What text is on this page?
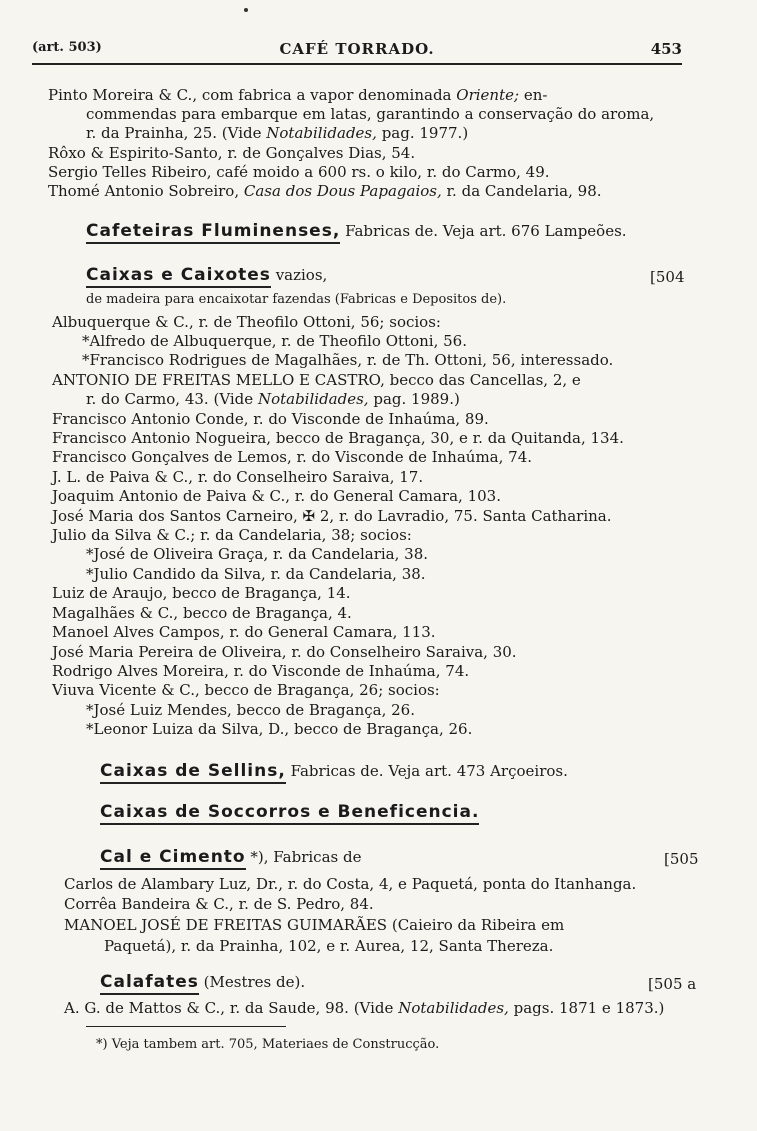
(art. 503)	CAFÉ TORRADO.	453
Pinto Moreira & C., com fabrica a vapor denominada Oriente; en-
commendas para embarque em latas, garantindo a conservação do aroma,
r. da Prainha, 25. (Vide Notabilidades, pag. 1977.)
Rôxo & Espirito-Santo, r. de Gonçalves Dias, 54.
Sergio Telles Ribeiro, café moido a 600 rs. o kilo, r. do Carmo, 49.
Thomé Antonio Sobreiro, Casa dos Dous Papagaios, r. da Candelaria, 98.
Cafeteiras Fluminenses, Fabricas de. Veja art. 676 Lampeões.
Caixas e Caixotes vazios,	[504
de madeira para encaixotar fazendas (Fabricas e Depositos de).
Albuquerque & C., r. de Theofilo Ottoni, 56; socios:
*Alfredo de Albuquerque, r. de Theofilo Ottoni, 56.
*Francisco Rodrigues de Magalhães, r. de Th. Ottoni, 56, interessado.
ANTONIO DE FREITAS MELLO E CASTRO, becco das Cancellas, 2, e
r. do Carmo, 43. (Vide Notabilidades, pag. 1989.)
Francisco Antonio Conde, r. do Visconde de Inhaúma, 89.
Francisco Antonio Nogueira, becco de Bragança, 30, e r. da Quitanda, 134.
Francisco Gonçalves de Lemos, r. do Visconde de Inhaúma, 74.
J. L. de Paiva & C., r. do Conselheiro Saraiva, 17.
Joaquim Antonio de Paiva & C., r. do General Camara, 103.
José Maria dos Santos Carneiro, ✠ 2, r. do Lavradio, 75. Santa Catharina.
Julio da Silva & C.; r. da Candelaria, 38; socios:
*José de Oliveira Graça, r. da Candelaria, 38.
*Julio Candido da Silva, r. da Candelaria, 38.
Luiz de Araujo, becco de Bragança, 14.
Magalhães & C., becco de Bragança, 4.
Manoel Alves Campos, r. do General Camara, 113.
José Maria Pereira de Oliveira, r. do Conselheiro Saraiva, 30.
Rodrigo Alves Moreira, r. do Visconde de Inhaúma, 74.
Viuva Vicente & C., becco de Bragança, 26; socios:
*José Luiz Mendes, becco de Bragança, 26.
*Leonor Luiza da Silva, D., becco de Bragança, 26.
Caixas de Sellins, Fabricas de. Veja art. 473 Arçoeiros.
Caixas de Soccorros e Beneficencia.
Cal e Cimento *), Fabricas de	[505
Carlos de Alambary Luz, Dr., r. do Costa, 4, e Paquetá, ponta do Itanhanga.
Corrêa Bandeira & C., r. de S. Pedro, 84.
MANOEL JOSÉ DE FREITAS GUIMARÃES (Caieiro da Ribeira em
Paquetá), r. da Prainha, 102, e r. Aurea, 12, Santa Thereza.
Calafates (Mestres de).	[505 a
A. G. de Mattos & C., r. da Saude, 98. (Vide Notabilidades, pags. 1871 e 1873.)
*) Veja tambem art. 705, Materiaes de Construcção.
